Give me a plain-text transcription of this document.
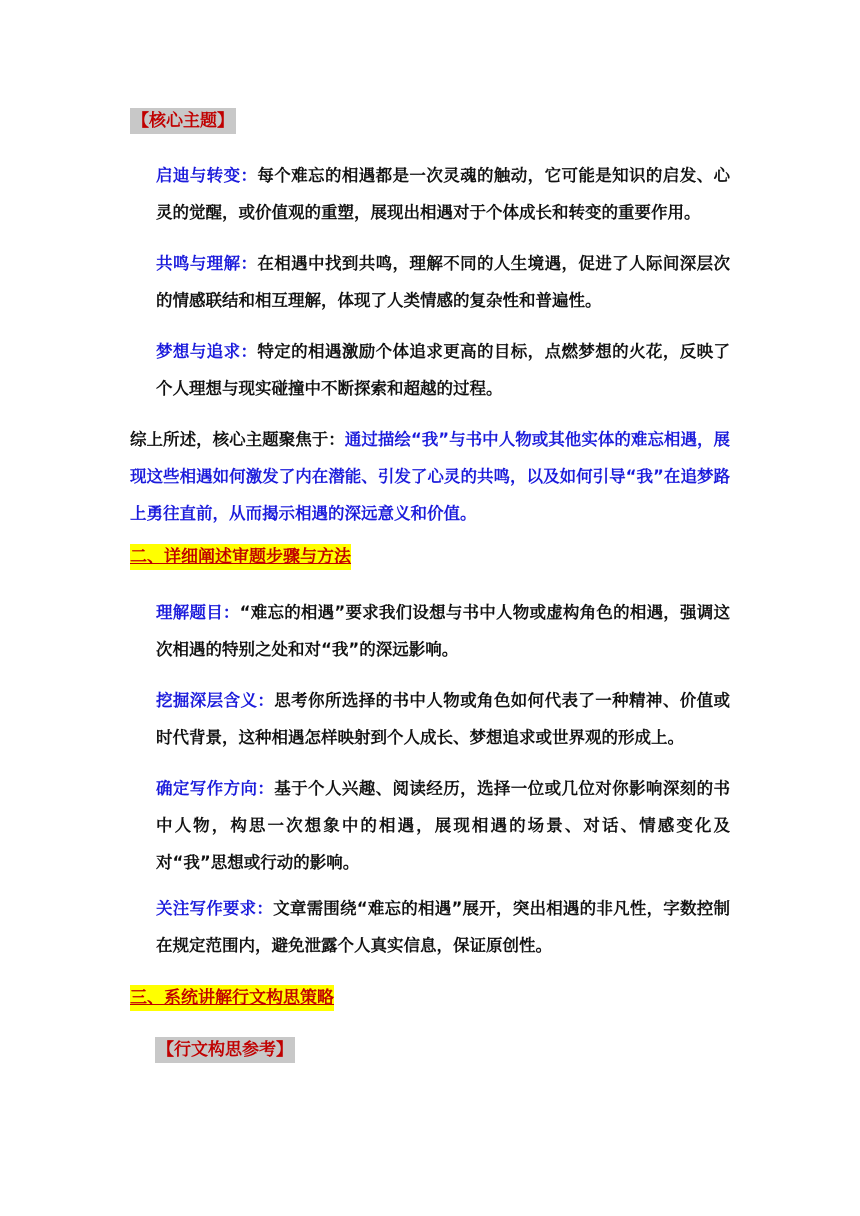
【核心主题】

启迪与转变：每个难忘的相遇都是一次灵魂的触动，它可能是知识的启发、心灵的觉醒，或价值观的重塑，展现出相遇对于个体成长和转变的重要作用。

共鸣与理解：在相遇中找到共鸣，理解不同的人生境遇，促进了人际间深层次的情感联结和相互理解，体现了人类情感的复杂性和普遍性。

梦想与追求：特定的相遇激励个体追求更高的目标，点燃梦想的火花，反映了个人理想与现实碰撞中不断探索和超越的过程。

综上所述，核心主题聚焦于：通过描绘“我”与书中人物或其他实体的难忘相遇，展现这些相遇如何激发了内在潜能、引发了心灵的共鸣，以及如何引导“我”在追梦路上勇往直前，从而揭示相遇的深远意义和价值。

二、详细阐述审题步骤与方法

理解题目：“难忘的相遇”要求我们设想与书中人物或虚构角色的相遇，强调这次相遇的特别之处和对“我”的深远影响。

挖掘深层含义：思考你所选择的书中人物或角色如何代表了一种精神、价值或时代背景，这种相遇怎样映射到个人成长、梦想追求或世界观的形成上。

确定写作方向：基于个人兴趣、阅读经历，选择一位或几位对你影响深刻的书中人物，构思一次想象中的相遇，展现相遇的场景、对话、情感变化及对“我”思想或行动的影响。

关注写作要求：文章需围绕“难忘的相遇”展开，突出相遇的非凡性，字数控制在规定范围内，避免泄露个人真实信息，保证原创性。

三、系统讲解行文构思策略
【行文构思参考】
